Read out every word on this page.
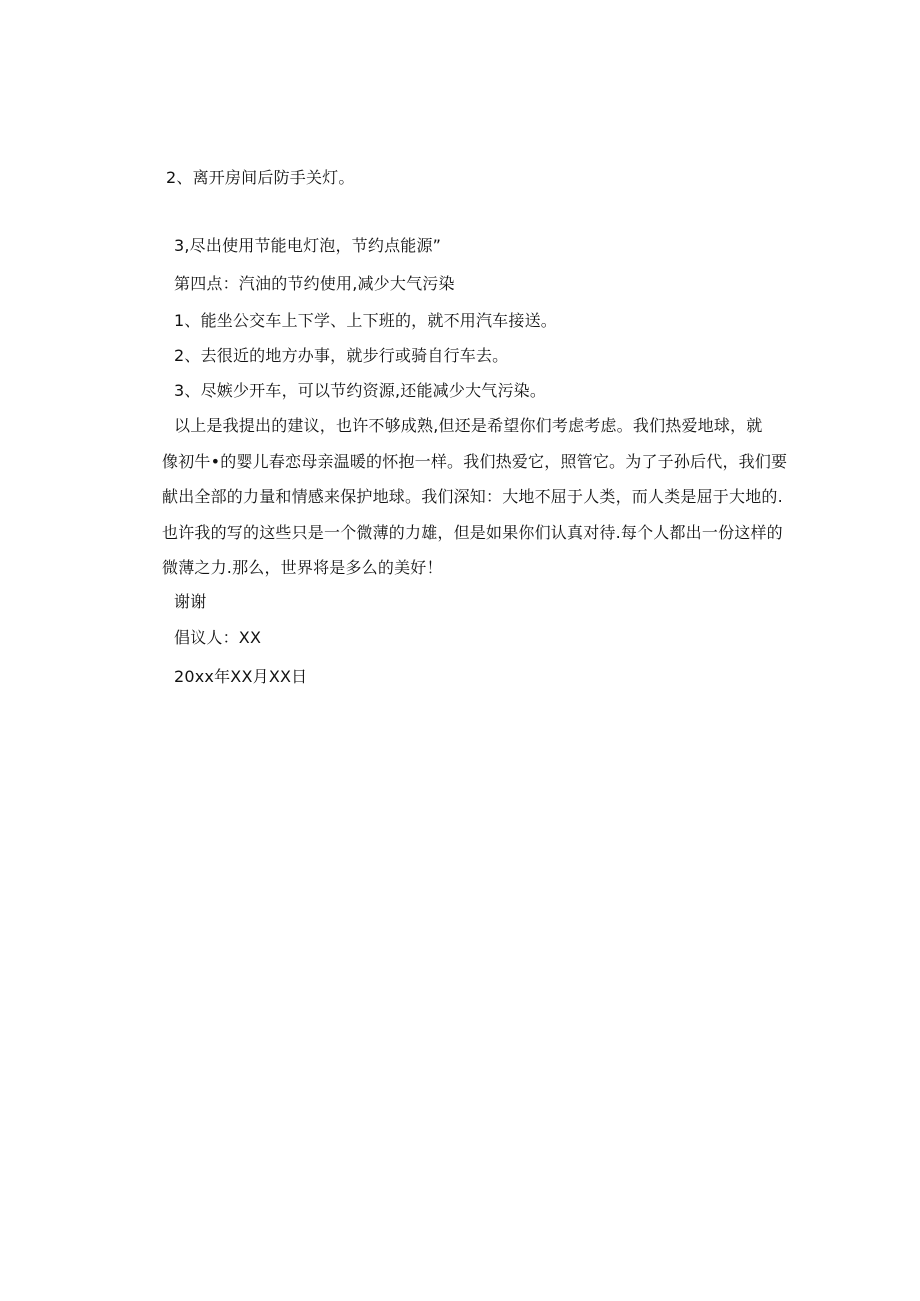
2、离开房间后防手关灯。
3,尽出使用节能电灯泡，节约点能源”
第四点：汽油的节约使用,减少大气污染
1、能坐公交车上下学、上下班的，就不用汽车接送。
2、去很近的地方办事，就步行或骑自行车去。
3、尽嫉少开车，可以节约资源,还能减少大气污染。
以上是我提出的建议，也许不够成熟,但还是希望你们考虑考虑。我们热爱地球，就
像初牛•的婴儿春恋母亲温暖的怀抱一样。我们热爱它，照管它。为了子孙后代，我们要
献出全部的力量和情感来保护地球。我们深知：大地不屈于人类，而人类是屈于大地的.
也许我的写的这些只是一个微薄的力雄，但是如果你们认真对待.每个人都出一份这样的
微薄之力.那么，世界将是多么的美好！
谢谢
倡议人：XX
20xx年XX月XX日
